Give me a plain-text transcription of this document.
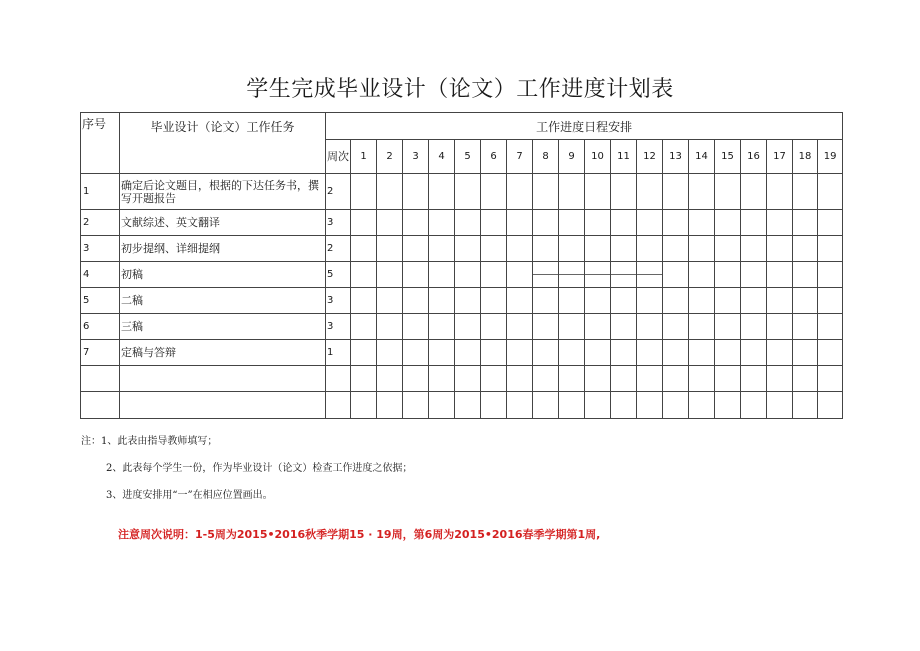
学生完成毕业设计（论文）工作进度计划表
序号	毕业设计（论文）工作任务	工作进度日程安排																			
		周次	1	2	3	4	5	6	7	8	9	10	11	12	13	14	15	16	17	18	19
1	确定后论文题目，根据的下达任务书，撰写开题报告	2																			
2	文献综述、英文翻译	3																			
3	初步提纲、详细提纲	2																			
4	初稿	5								

5	二稿	3																			
6	三稿	3																			
7	定稿与答辩	1																			

注：1、此表由指导教师填写；
2、此表每个学生一份，作为毕业设计（论文）检查工作进度之依据；
3、进度安排用“一”在相应位置画出。
注意周次说明：1-5周为2015•2016秋季学期15 · 19周，第6周为2015•2016春季学期第1周,
